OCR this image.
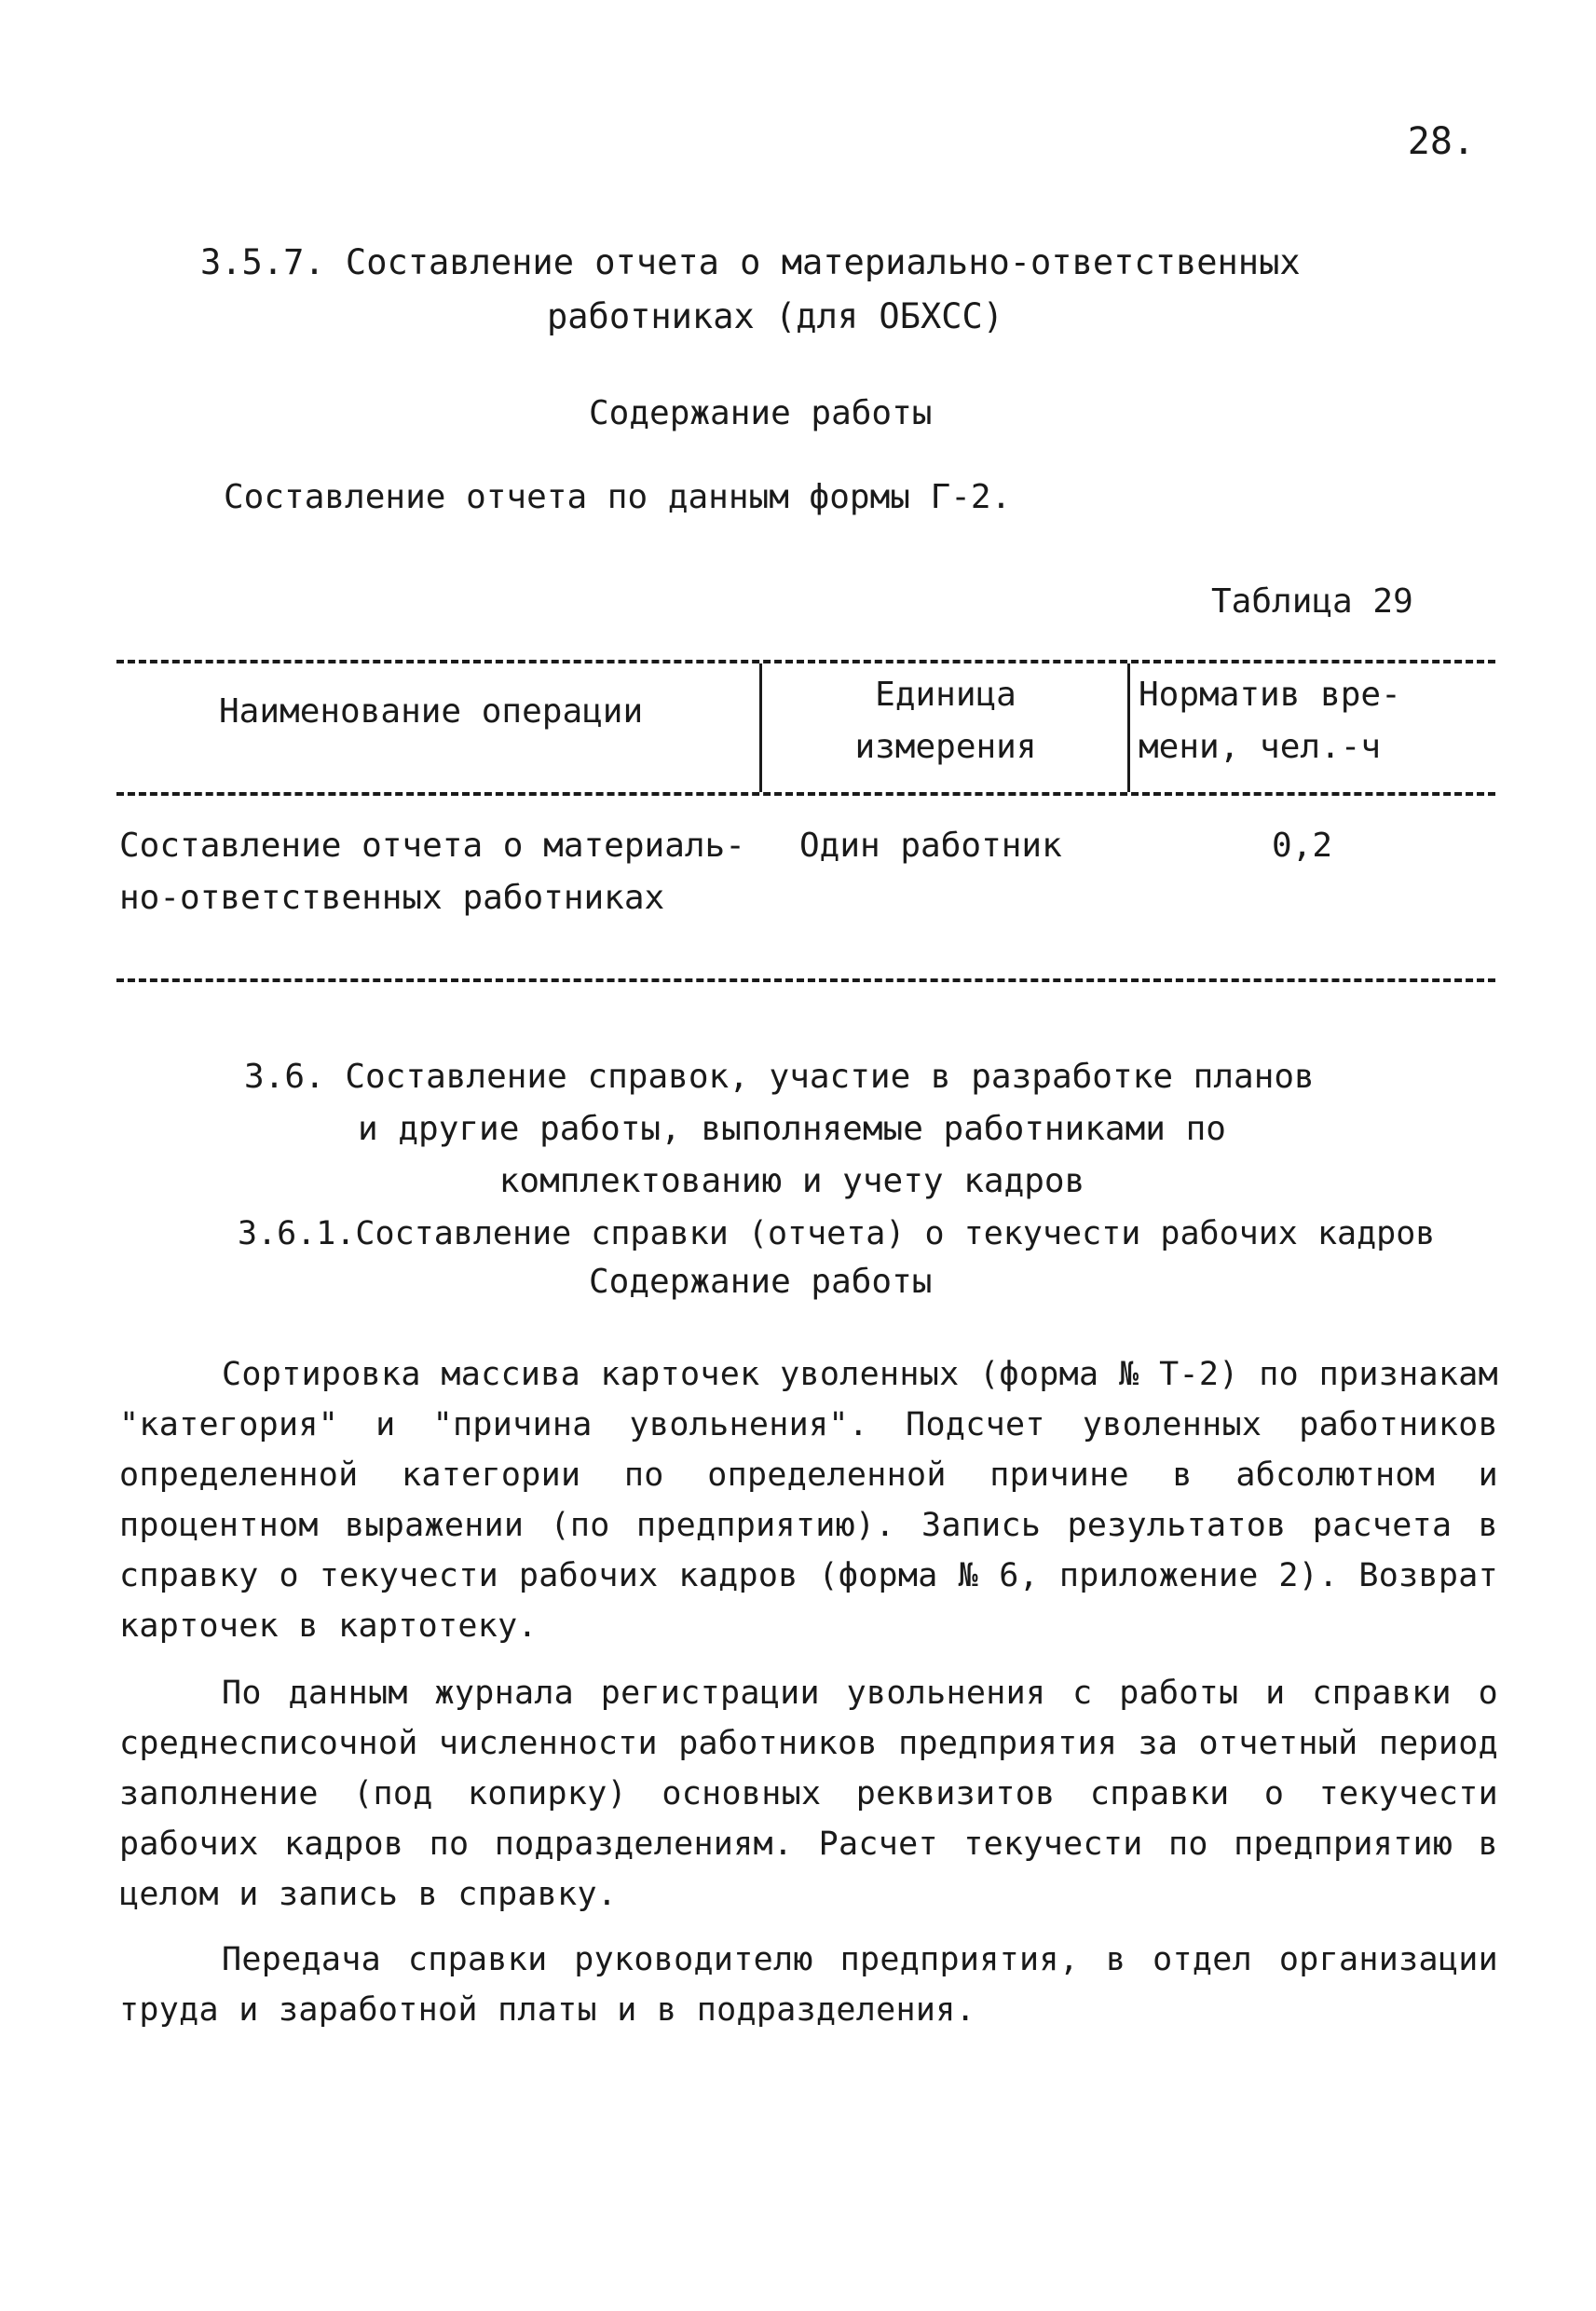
28.
3.5.7. Составление отчета о материально-ответственных
работниках (для ОБХСС)
Содержание работы
Составление отчета по данным формы Г-2.
Таблица 29
Наименование операции	Единица
измерения
Норматив вре-
мени, чел.-ч
Составление отчета о материаль-
но-ответственных работниках
Один работник	0,2
3.6. Составление справок, участие в разработке планов
и другие работы, выполняемые работниками по
комплектованию и учету кадров
3.6.1.Составление справки (отчета) о текучести рабочих кадров
Содержание работы
Сортировка массива карточек уволенных (форма № Т-2) по признакам "категория" и "причина увольнения". Подсчет уволенных работников определенной категории по определенной причине в абсолютном и процентном выражении (по предприятию). Запись результатов расчета в справку о текучести рабочих кадров (форма № 6, приложение 2). Возврат карточек в картотеку.
По данным журнала регистрации увольнения с работы и справки о среднесписочной численности работников предприятия за отчетный период заполнение (под копирку) основных реквизитов справки о текучести рабочих кадров по подразделениям. Расчет текучести по предприятию в целом и запись в справку.
Передача справки руководителю предприятия, в отдел организации труда и заработной платы и в подразделения.
